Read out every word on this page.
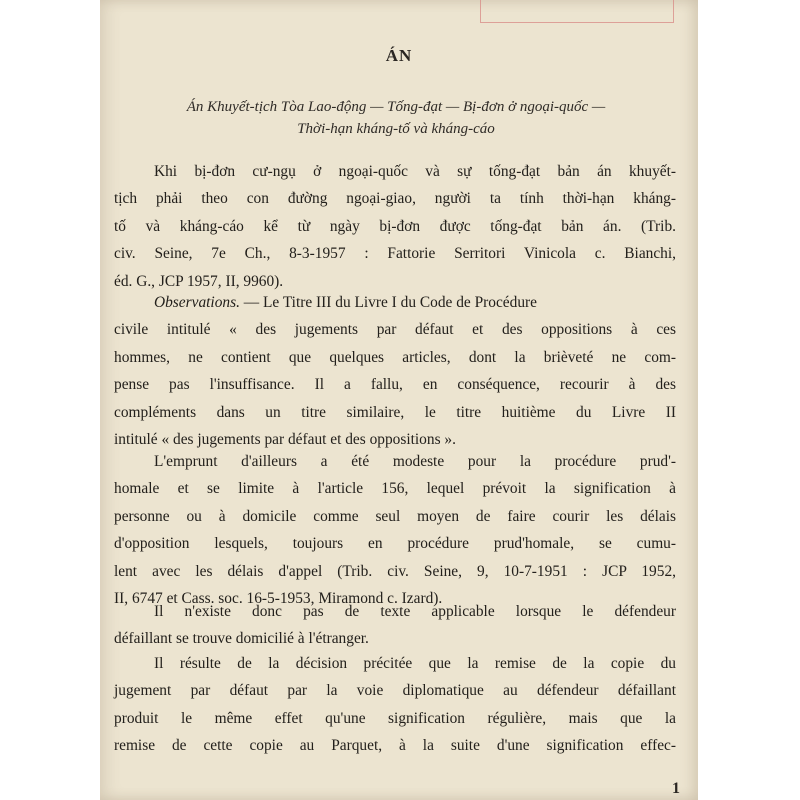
ÁN
Án Khuyết-tịch Tòa Lao-động — Tống-đạt — Bị-đơn ở ngoại-quốc —
Thời-hạn kháng-tố và kháng-cáo
Khi bị-đơn cư-ngụ ở ngoại-quốc và sự tống-đạt bản án khuyết-
tịch phải theo con đường ngoại-giao, người ta tính thời-hạn kháng-
tố và kháng-cáo kể từ ngày bị-đơn được tống-đạt bản án. (Trib.
civ. Seine, 7e Ch., 8-3-1957 : Fattorie Serritori Vinicola c. Bianchi,
éd. G., JCP 1957, II, 9960).
Observations. — Le Titre III du Livre I du Code de Procédure
civile intitulé « des jugements par défaut et des oppositions à ces
hommes, ne contient que quelques articles, dont la brièveté ne com-
pense pas l'insuffisance. Il a fallu, en conséquence, recourir à des
compléments dans un titre similaire, le titre huitième du Livre II
intitulé « des jugements par défaut et des oppositions ».
L'emprunt d'ailleurs a été modeste pour la procédure prud'-
homale et se limite à l'article 156, lequel prévoit la signification à
personne ou à domicile comme seul moyen de faire courir les délais
d'opposition lesquels, toujours en procédure prud'homale, se cumu-
lent avec les délais d'appel (Trib. civ. Seine, 9, 10-7-1951 : JCP 1952,
II, 6747 et Cass. soc. 16-5-1953, Miramond c. Izard).
Il n'existe donc pas de texte applicable lorsque le défendeur
défaillant se trouve domicilié à l'étranger.
Il résulte de la décision précitée que la remise de la copie du
jugement par défaut par la voie diplomatique au défendeur défaillant
produit le même effet qu'une signification régulière, mais que la
remise de cette copie au Parquet, à la suite d'une signification effec-
1
